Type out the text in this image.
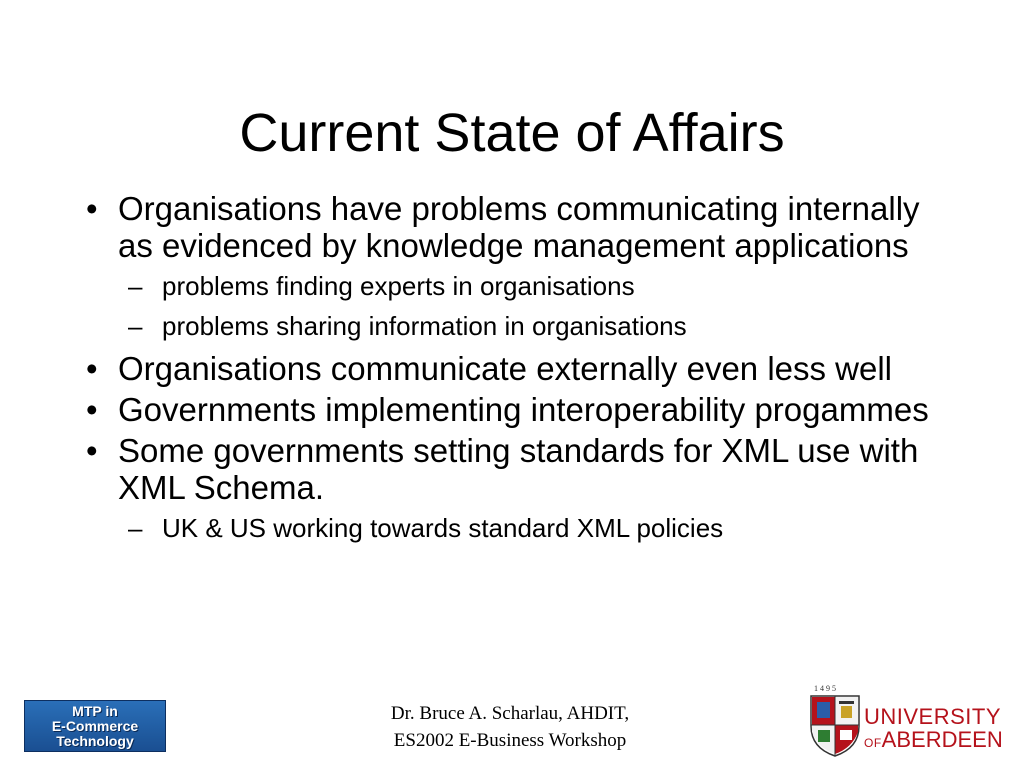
Current State of Affairs
• Organisations have problems communicating internally as evidenced by knowledge management applications
– problems finding experts in organisations
– problems sharing information in organisations
• Organisations communicate externally even less well
• Governments implementing interoperability progammes
• Some governments setting standards for XML use with XML Schema.
– UK & US working towards standard XML policies
MTP in
E-Commerce
Technology
Dr. Bruce A. Scharlau, AHDIT,
ES2002 E-Business Workshop
1 4 9 5
UNIVERSITY
OFABERDEEN
